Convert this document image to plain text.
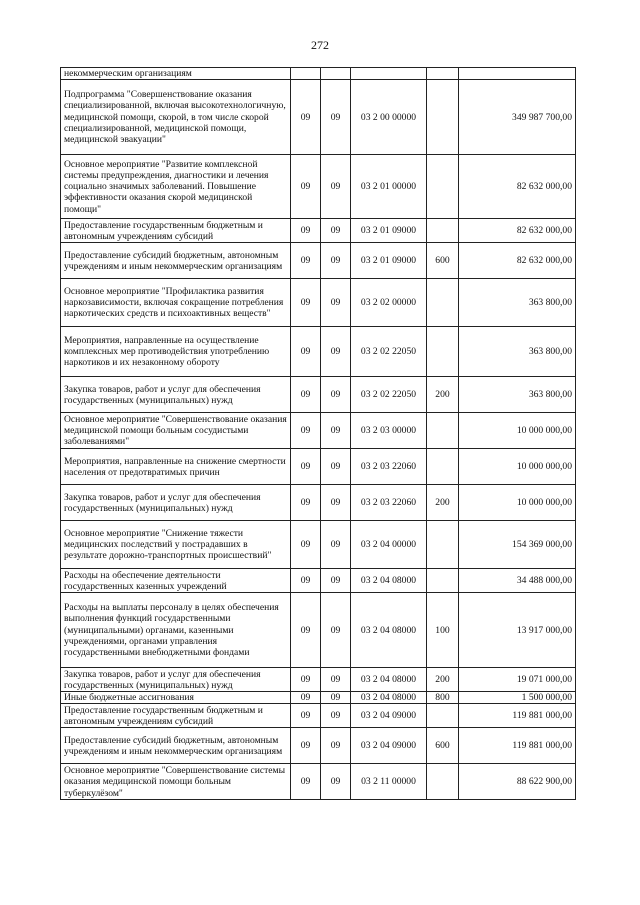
272
некоммерческим организациям					
Подпрограмма "Совершенствование оказания специализированной, включая высокотехнологичную, медицинской помощи, скорой, в том числе скорой специализированной, медицинской помощи, медицинской эвакуации"	09	09	03 2 00 00000		349 987 700,00
Основное мероприятие "Развитие комплексной системы предупреждения, диагностики и лечения социально значимых заболеваний. Повышение эффективности оказания скорой медицинской помощи"	09	09	03 2 01 00000		82 632 000,00
Предоставление государственным бюджетным и автономным учреждениям субсидий	09	09	03 2 01 09000		82 632 000,00
Предоставление субсидий бюджетным, автономным учреждениям и иным некоммерческим организациям	09	09	03 2 01 09000	600	82 632 000,00
Основное мероприятие "Профилактика развития наркозависимости, включая сокращение потребления наркотических средств и психоактивных веществ"	09	09	03 2 02 00000		363 800,00
Мероприятия, направленные на осуществление комплексных мер противодействия употреблению наркотиков и их незаконному обороту	09	09	03 2 02 22050		363 800,00
Закупка товаров, работ и услуг для обеспечения государственных (муниципальных) нужд	09	09	03 2 02 22050	200	363 800,00
Основное мероприятие "Совершенствование оказания медицинской помощи больным сосудистыми заболеваниями"	09	09	03 2 03 00000		10 000 000,00
Мероприятия, направленные на снижение смертности населения от предотвратимых причин	09	09	03 2 03 22060		10 000 000,00
Закупка товаров, работ и услуг для обеспечения государственных (муниципальных) нужд	09	09	03 2 03 22060	200	10 000 000,00
Основное мероприятие "Снижение тяжести медицинских последствий у пострадавших в результате дорожно-транспортных происшествий"	09	09	03 2 04 00000		154 369 000,00
Расходы на обеспечение деятельности государственных казенных учреждений	09	09	03 2 04 08000		34 488 000,00
Расходы на выплаты персоналу в целях обеспечения выполнения функций государственными (муниципальными) органами, казенными учреждениями, органами управления государственными внебюджетными фондами	09	09	03 2 04 08000	100	13 917 000,00
Закупка товаров, работ и услуг для обеспечения государственных (муниципальных) нужд	09	09	03 2 04 08000	200	19 071 000,00
Иные бюджетные ассигнования	09	09	03 2 04 08000	800	1 500 000,00
Предоставление государственным бюджетным и автономным учреждениям субсидий	09	09	03 2 04 09000		119 881 000,00
Предоставление субсидий бюджетным, автономным учреждениям и иным некоммерческим организациям	09	09	03 2 04 09000	600	119 881 000,00
Основное мероприятие "Совершенствование системы оказания медицинской помощи больным туберкулёзом"	09	09	03 2 11 00000		88 622 900,00
